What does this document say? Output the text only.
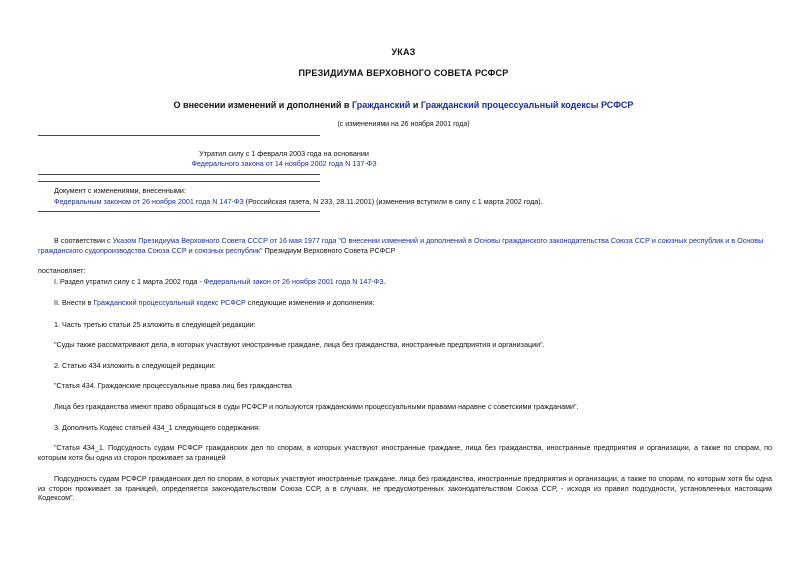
УКАЗ
ПРЕЗИДИУМА ВЕРХОВНОГО СОВЕТА РСФСР
О внесении изменений и дополнений в Гражданский и Гражданский процессуальный кодексы РСФСР
(с изменениями на 26 ноября 2001 года)
Утратил силу с 1 февраля 2003 года на основании
Федерального закона от 14 ноября 2002 года N 137-ФЗ
Документ с изменениями, внесенными:
Федеральным законом от 26 ноября 2001 года N 147-ФЗ (Российская газета, N 233, 28.11.2001) (изменения вступили в силу с 1 марта 2002 года).
В соответствии с Указом Президиума Верховного Совета СССР от 16 мая 1977 года "О внесении изменений и дополнений в Основы гражданского законодательства Союза ССР и союзных республик и в Основы гражданского судопроизводства Союза ССР и союзных республик" Президиум Верховного Совета РСФСР
постановляет:
I. Раздел утратил силу с 1 марта 2002 года - Федеральный закон от 26 ноября 2001 года N 147-ФЗ.
II. Внести в Гражданский процессуальный кодекс РСФСР следующие изменения и дополнения:
1. Часть третью статьи 25 изложить в следующей редакции:
"Суды также рассматривают дела, в которых участвуют иностранные граждане, лица без гражданства, иностранные предприятия и организации".
2. Статью 434 изложить в следующей редакции:
"Статья 434. Гражданские процессуальные права лиц без гражданства
Лица без гражданства имеют право обращаться в суды РСФСР и пользуются гражданскими процессуальными правами наравне с советскими гражданами".
3. Дополнить Кодекс статьей 434_1 следующего содержания:
"Статья 434_1. Подсудность судам РСФСР гражданских дел по спорам, в которых участвуют иностранные граждане, лица без гражданства, иностранные предприятия и организации, а также по спорам, по которым хотя бы одна из сторон проживает за границей
Подсудность судам РСФСР гражданских дел по спорам, в которых участвуют иностранные граждане, лица без гражданства, иностранные предприятия и организации, а также по спорам, по которым хотя бы одна из сторон проживает за границей, определяется законодательством Союза ССР, а в случаях, не предусмотренных законодательством Союза ССР, - исходя из правил подсудности, установленных настоящим Кодексом".
